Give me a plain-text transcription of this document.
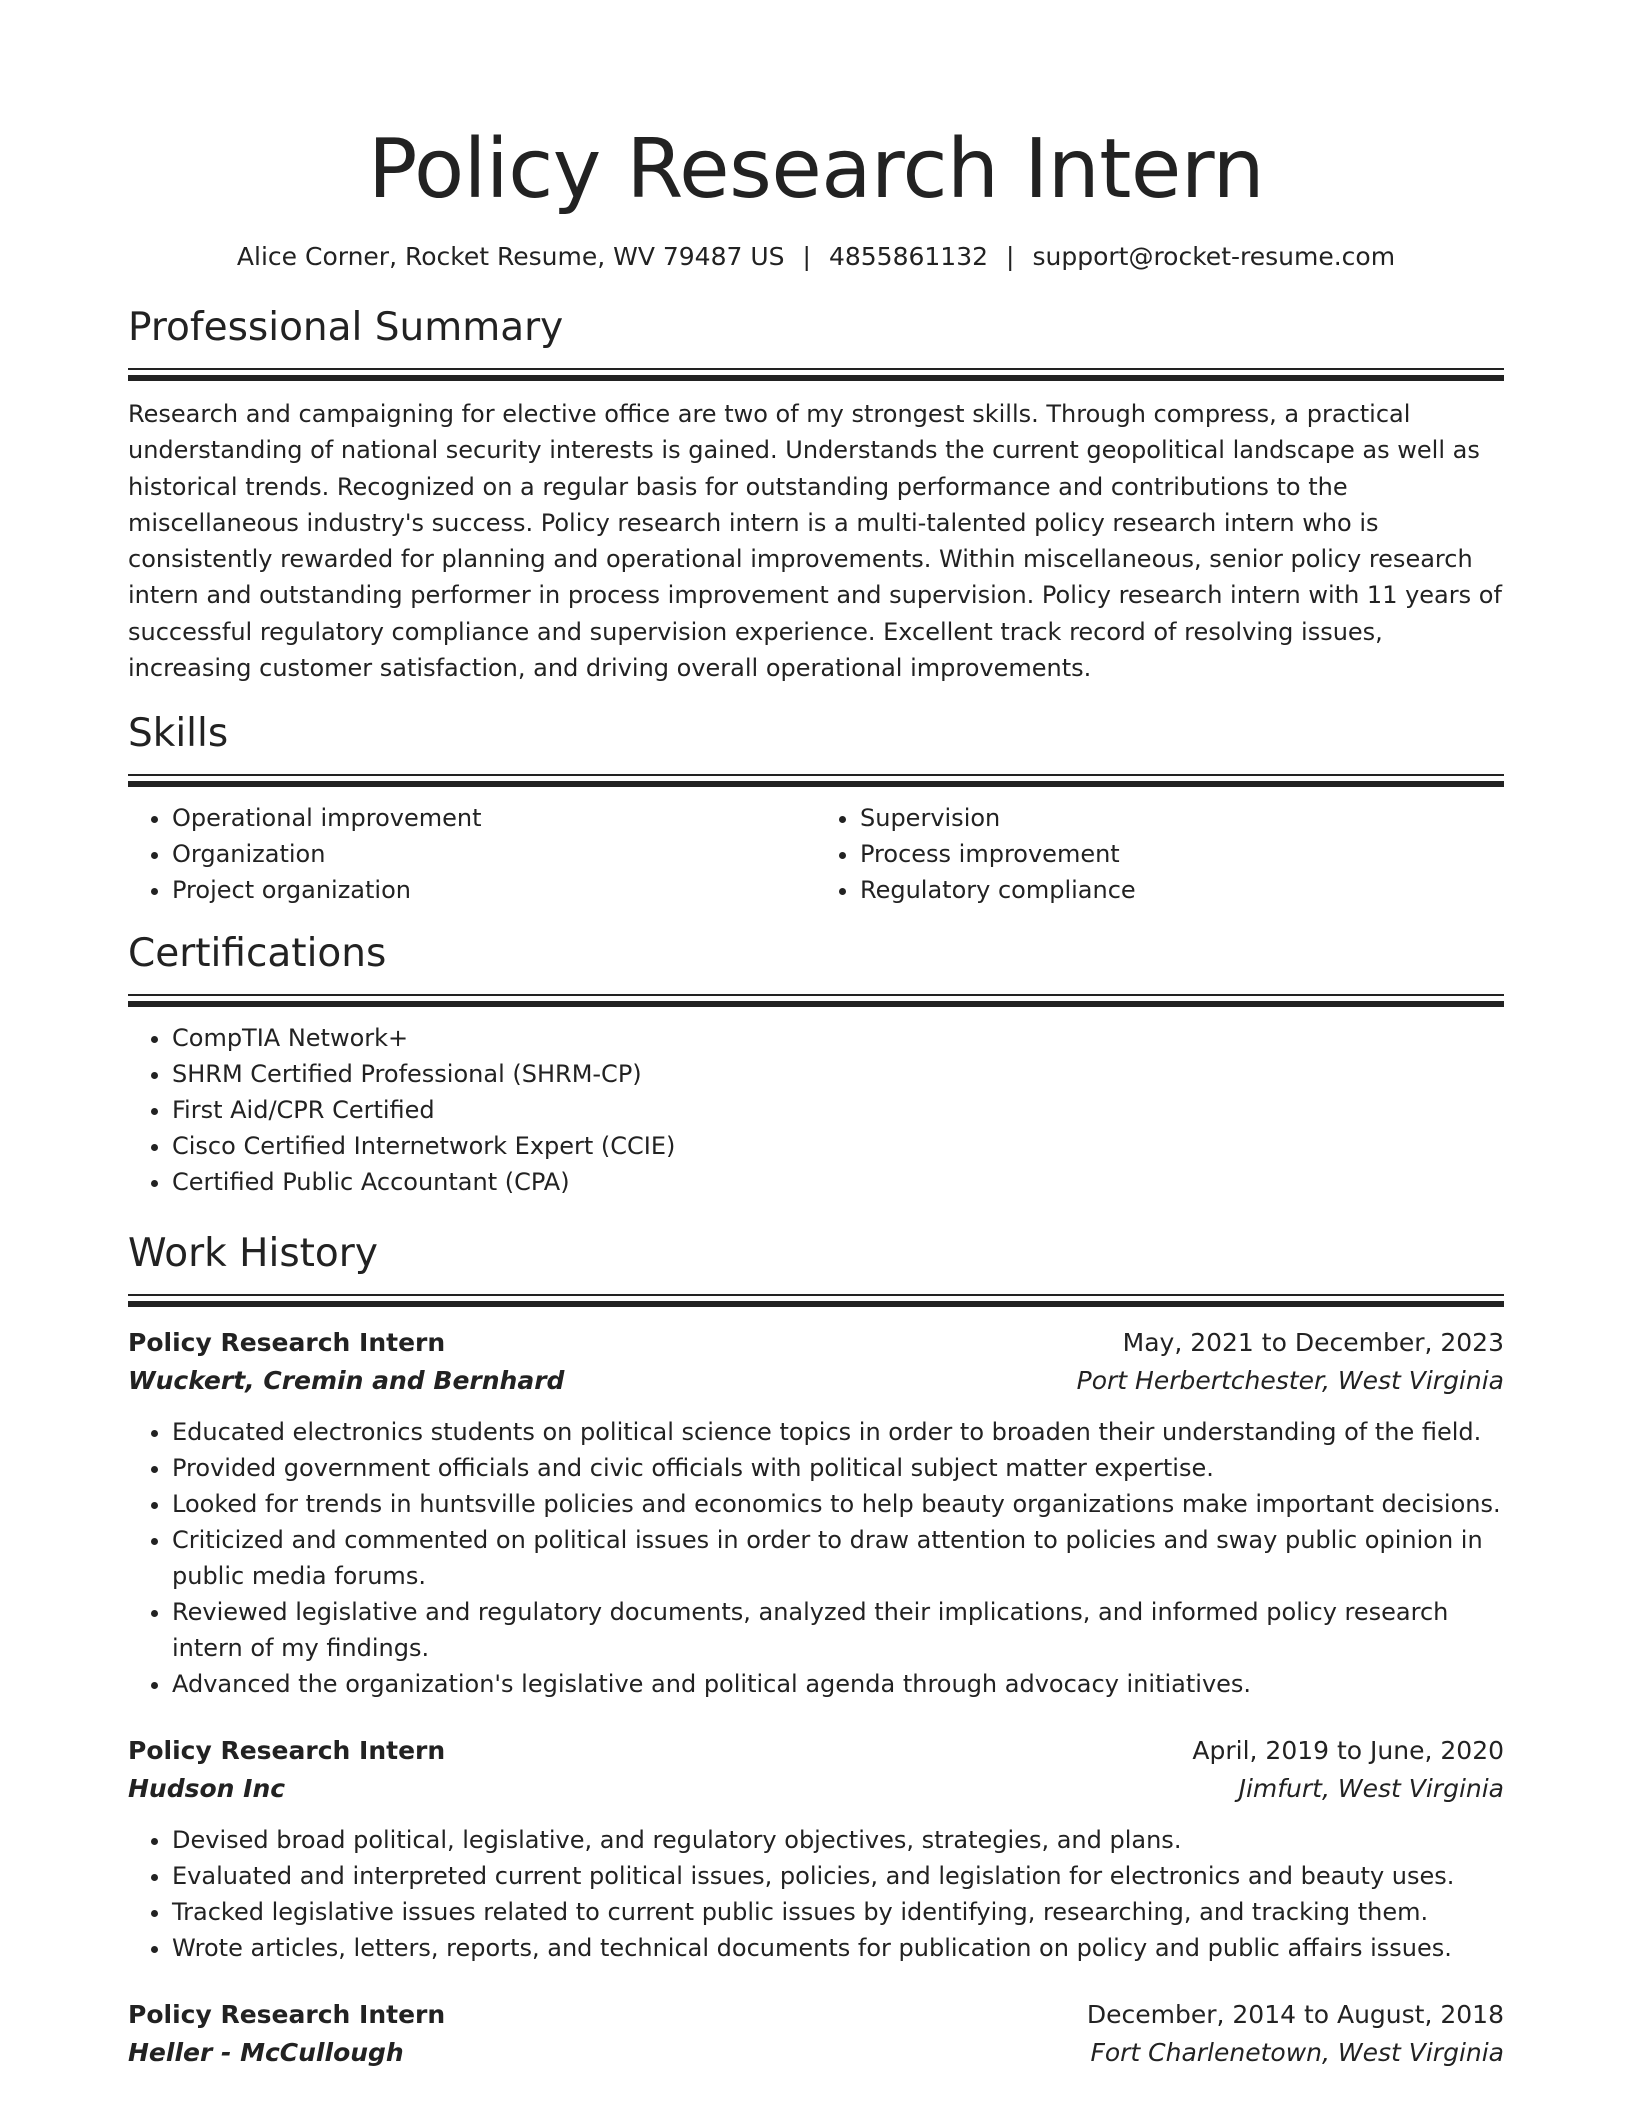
Policy Research Intern
Alice Corner, Rocket Resume, WV 79487 US | 4855861132 | support@rocket-resume.com
Professional Summary

Research and campaigning for elective office are two of my strongest skills. Through compress, a practical understanding of national security interests is gained. Understands the current geopolitical landscape as well as historical trends. Recognized on a regular basis for outstanding performance and contributions to the miscellaneous industry's success. Policy research intern is a multi-talented policy research intern who is consistently rewarded for planning and operational improvements. Within miscellaneous, senior policy research intern and outstanding performer in process improvement and supervision. Policy research intern with 11 years of successful regulatory compliance and supervision experience. Excellent track record of resolving issues, increasing customer satisfaction, and driving overall operational improvements.

Skills
• Operational improvement
• Organization
• Project organization
• Supervision
• Process improvement
• Regulatory compliance
Certifications
• CompTIA Network+
• SHRM Certified Professional (SHRM-CP)
• First Aid/CPR Certified
• Cisco Certified Internetwork Expert (CCIE)
• Certified Public Accountant (CPA)
Work History
Policy Research Intern	May, 2021 to December, 2023
Wuckert, Cremin and Bernhard	Port Herbertchester, West Virginia
• Educated electronics students on political science topics in order to broaden their understanding of the field.
• Provided government officials and civic officials with political subject matter expertise.
• Looked for trends in huntsville policies and economics to help beauty organizations make important decisions.
• Criticized and commented on political issues in order to draw attention to policies and sway public opinion in public media forums.
• Reviewed legislative and regulatory documents, analyzed their implications, and informed policy research intern of my findings.
• Advanced the organization's legislative and political agenda through advocacy initiatives.
Policy Research Intern	April, 2019 to June, 2020
Hudson Inc	Jimfurt, West Virginia
• Devised broad political, legislative, and regulatory objectives, strategies, and plans.
• Evaluated and interpreted current political issues, policies, and legislation for electronics and beauty uses.
• Tracked legislative issues related to current public issues by identifying, researching, and tracking them.
• Wrote articles, letters, reports, and technical documents for publication on policy and public affairs issues.
Policy Research Intern	December, 2014 to August, 2018
Heller - McCullough	Fort Charlenetown, West Virginia
